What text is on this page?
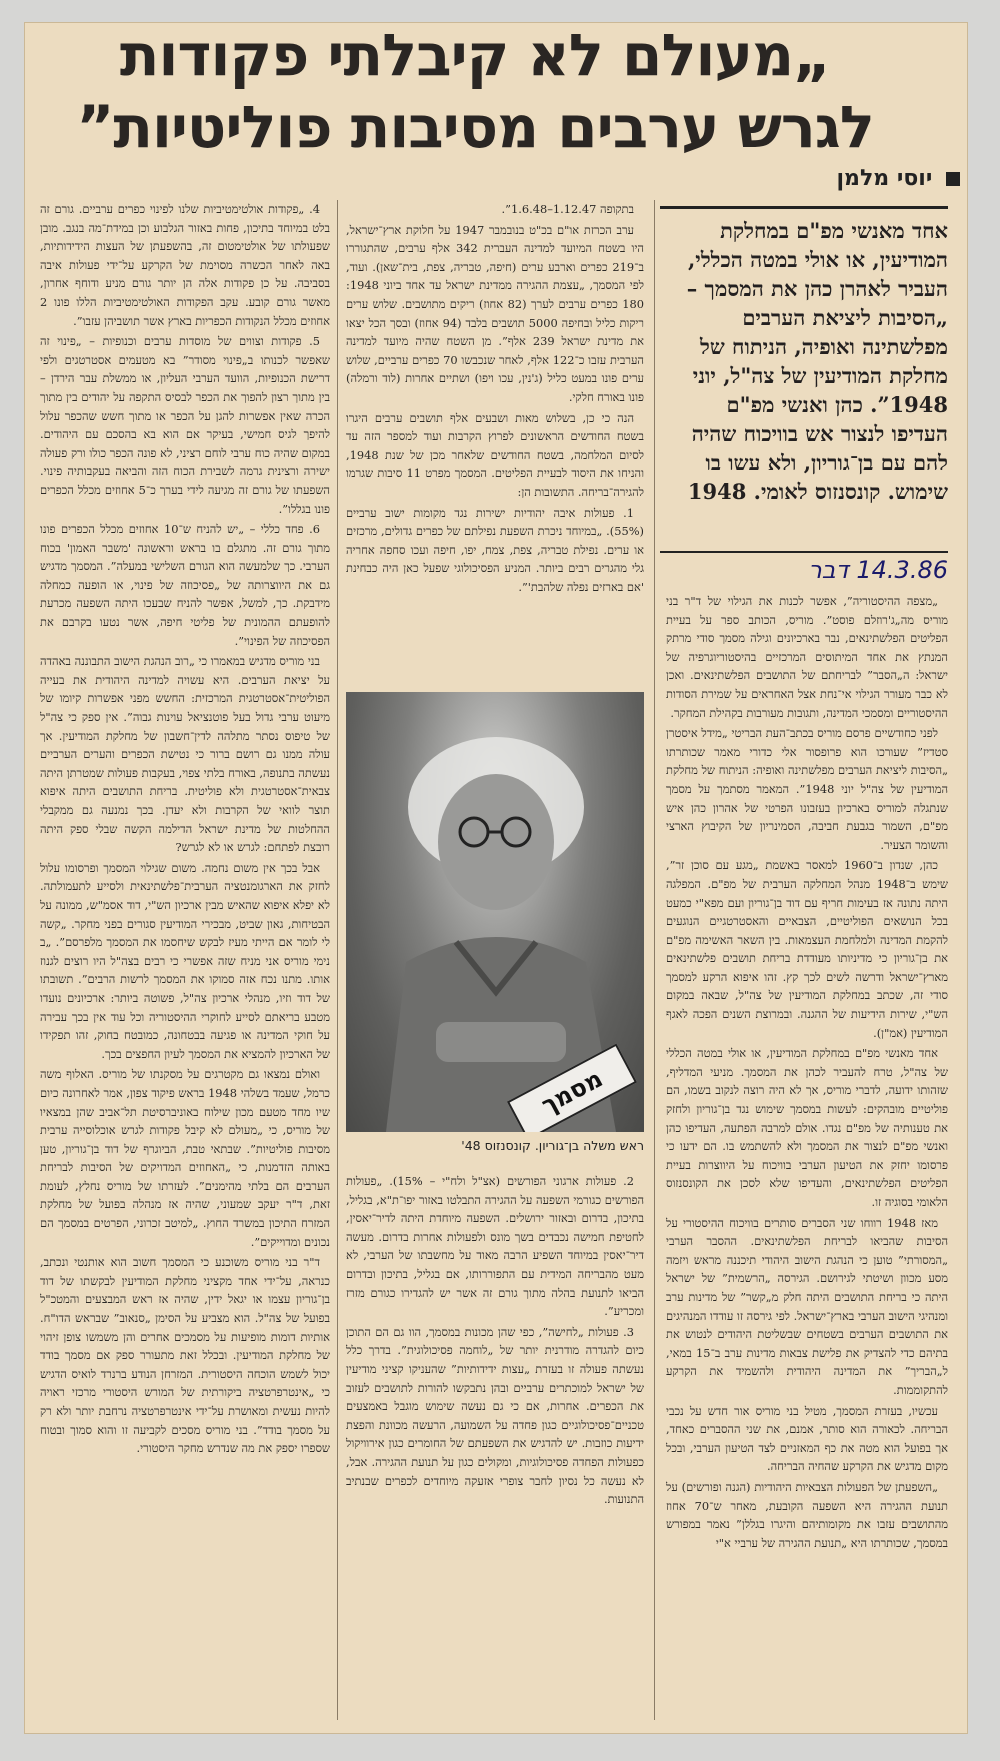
„מעולם לא קיבלתי פקודות
לגרש ערבים מסיבות פוליטיות”
יוסי מלמן
אחד מאנשי מפ"ם במחלקת המודיעין, או אולי במטה הכללי, העביר לאהרן כהן את המסמך – „הסיבות ליציאת הערבים מפלשתינה ואופיה, הניתוח של מחלקת המודיעין של צה"ל, יוני 1948”. כהן ואנשי מפ"ם העדיפו לנצור אש בוויכוח שהיה להם עם בן־גוריון, ולא עשו בו שימוש. קונסנזוס לאומי. 1948
14.3.86 דבר

„מצפה ההיסטוריה”, אפשר לכנות את הגילוי של ד"ר בני מוריס מה„ג'רוזלם פוסט”. מוריס, הכותב ספר על בעיית הפליטים הפלשתינאים, נבר בארכיונים וגילה מסמך סודי מרתק המנתץ את אחד המיתוסים המרכזיים בהיסטוריוגרפיה של ישראל: ה„הסבר” לבריחתם של התושבים הפלשתינאים. ואכן לא כבר מעורר הגילוי אי־נחת אצל האחראים על שמירת הסודות ההיסטוריים ומסמכי המדינה, ותגובות מעורבות בקהילת המחקר.

לפני כחודשיים פרסם מוריס בכתב־העת הבריטי „מידל איסטרן סטדיז” שעורכו הוא פרופסור אלי כדורי מאמר שכותרתו „הסיבות ליציאת הערבים מפלשתינה ואופיה: הניתוח של מחלקת המודיעין של צה"ל יוני 1948”. המאמר מסתמך על מסמך שנתגלה למוריס בארכיון בעזבונו הפרטי של אהרון כהן איש מפ"ם, השמור בגבעת חביבה, הסמינריון של הקיבוץ הארצי והשומר הצעיר.

כהן, שנדון ב־1960 למאסר באשמת „מגע עם סוכן זר”, שימש ב־1948 מנהל המחלקה הערבית של מפ"ם. המפלגה היתה נתונה אז בעימות חריף עם דוד בן־גוריון ועם מפא"י כמעט בכל הנושאים הפוליטיים, הצבאיים והאסטרטגיים הנוגעים להקמת המדינה ולמלחמת העצמאות. בין השאר האשימה מפ"ם את בן־גוריון כי מדיניותו מעודדת בריחת תושבים פלשתינאים מארץ־ישראל ודרשה לשים לכך קץ. זהו איפוא הרקע למסמך סודי זה, שכתב במחלקת המודיעין של צה"ל, שבאה במקום הש"י, שירות הידיעות של ההגנה. ובמרוצת השנים הפכה לאגף המודיעין (אמ"ן).

אחד מאנשי מפ"ם במחלקת המודיעין, או אולי במטה הכללי של צה"ל, טרח להעביר לכהן את המסמך. מניעי המדליף, שזהותו ידועה, לדברי מוריס, אך לא היה רוצה לנקוב בשמו, הם פוליטיים מובהקים: לעשות במסמך שימוש נגד בן־גוריון ולחזק את טענותיה של מפ"ם נגדו. אולם למרבה הפתעה, העדיפו כהן ואנשי מפ"ם לנצור את המסמך ולא להשתמש בו. הם ידעו כי פרסומו יחזק את הטיעון הערבי בוויכוח על היווצרות בעיית הפליטים הפלשתינאים, והעדיפו שלא לסכן את הקונסנזוס הלאומי בסוגיה זו.

מאז 1948 רווחו שני הסברים סותרים בוויכוח ההיסטורי על הסיבות שהביאו לבריחת הפלשתינאים. ההסבר הערבי „המסורתי” טוען כי הנהגת הישוב היהודי תיכננה מראש ויזמה מסע מכוון ושיטתי לגירושם. הגירסה „הרשמית” של ישראל היתה כי בריחת התושבים היתה חלק מ„קשר” של מדינות ערב ומנהיגי הישוב הערבי בארץ־ישראל. לפי גירסה זו עודדו המנהיגים את התושבים הערבים בשטחים שבשליטת היהודים לנטוש את בתיהם כדי להצדיק את פלישת צבאות מדינות ערב ב־15 במאי, ל„הבריך” את המדינה היהודית ולהשמיד את הקרקע להתקוממות.

עכשיו, בעזרת המסמך, מטיל בני מוריס אור חדש על נכבי הבריחה. לכאורה הוא סותר, אמנם, את שני ההסברים כאחד, אך בפועל הוא מטה את כף המאזניים לצד הטיעון הערבי, ובכל מקום מדגיש את הקרקע שהחיה הבריחה.

„השפעתן של הפעולות הצבאיות היהודיות (הגנה ופורשים) על תנועת ההגירה היא השפעה הקובעת, מאחר ש־70 אחוז מהתושבים עזבו את מקומותיהם והיגרו בגללן” נאמר במפורש במסמך, שכותרתו היא „תנועת ההגירה של ערביי א"י

בתקופה 1.12.47–1.6.48”.

ערב הכרזת או"ם בכ"ט בנובמבר 1947 על חלוקת ארץ־ישראל, היו בשטח המיועד למדינה העברית 342 אלף ערבים, שהתגוררו ב־219 כפרים וארבע ערים (חיפה, טבריה, צפת, בית־שאן). ועוד, לפי המסמך, „עצמת ההגירה ממדינת ישראל עד אחד ביוני 1948: 180 כפרים ערבים לערך (82 אחוז) ריקים מתושבים. שלוש ערים ריקות כליל ובחיפה 5000 תושבים בלבד (94 אחוז) ובסך הכל יצאו את מדינת ישראל 239 אלף”. מן השטח שהיה מיועד למדינה הערבית עזבו כ־122 אלף, לאחר שנכבשו 70 כפרים ערביים, שלוש ערים פונו במעט כליל (ג'נין, עכו ויפו) ושתיים אחרות (לוד ורמלה) פונו באורח חלקי.

הנה כי כן, בשלוש מאות ושבעים אלף תושבים ערבים היגרו בשטח החודשים הראשונים לפרוץ הקרבות ועוד למספר הזה עד לסיום המלחמה, בשטח החודשים שלאחר מכן של שנת 1948, והניחו את היסוד לבעיית הפליטים. המסמך מפרט 11 סיבות שגרמו להגירה־בריחה. התשובות הן:

1. פעולות איבה יהודיות ישירות נגד מקומות ישוב ערביים (55%). „במיוחד ניכרת השפעת נפילתם של כפרים גדולים, מרכזים או ערים. נפילת טבריה, צפת, צמח, יפו, חיפה ועכו סחפה אחריה גלי מהגרים רבים ביותר. המניע הפסיכולוגי שפעל כאן היה כבחינת 'אם בארזים נפלה שלהבת'”.

מסמך
ראש משלה בן־גוריון. קונסנזוס 48'

2. פעולות ארגוני הפורשים (אצ"ל ולח"י – 15%). „פעולות הפורשים כגורמי השפעה על ההגירה התבלטו באזור יפו־ת"א, בגליל, בתיכון, בדרום ובאזור ירושלים. השפעה מיוחדת היתה לדיר־יאסין, לחטיפת חמישה נכבדים בשך מונס ולפעולות אחרות בדרום. מעשה דיר־יאסין במיוחד השפיע הרבה מאוד על מחשבתו של הערבי, לא מעט מהבריחה המידית עם התפוררותו, אם בגליל, בתיכון ובדרום הביאו לתנועת בהלה מתוך גורם זה אשר יש להגדירו כגורם מזרז ומכריע”.

3. פעולות „לחישה”, כפי שהן מכונות במסמך, הוו גם הם התוכן כיום להגדרה מודרנית יותר של „לוחמה פסיכולוגית”. בדרך כלל נעשתה פעולה זו בעזרת „עצות ידידותיות” שהעניקו קציני מודיעין של ישראל למוכתרים ערביים ובהן נתבקשו להורות לתושבים לעזוב את הכפרים. אחרות, אם כי גם נעשה שימוש מוגבל באמצעים טכניים־פסיכולוגיים כגון פחדה על השמועה, הרעשה מכוונת והפצת ידיעות כוזבות. יש להדגיש את השפעתם של החומרים כגון אירוויקול כפעולות הפחדה פסיכולוגיות, ומקולים כגון על תנועת ההגירה. אבל, לא נעשה כל נסיון לחבר צופרי אזעקה מיוחדים לכפרים שבנתיב התנועות.

4. „פקודות אולטימטיביות שלנו לפינוי כפרים ערביים. גורם זה בלט במיוחד בתיכון, פחות באזור הגלבוע וכן במידת־מה בנגב. מובן שפעולתו של אולטימטום זה, בהשפעתן של העצות הידידותיות, באה לאחר הכשרה מסוימת של הקרקע על־ידי פעולות איבה בסביבה. על כן פקודות אלה הן יותר גורם מניע ודוחף אחרון, מאשר גורם קובע. עקב הפקודות האולטימטיביות הללו פונו 2 אחוזים מכלל הנקודות הכפריות בארץ אשר תושביהן עזבו”.

5. פקודות וצווים של מוסדות ערבים וכנופיות – „פינוי זה שאפשר לכנותו ב„פינוי מסודר” בא מטעמים אסטרטגים ולפי דרישת הכנופיות, הוועד הערבי העליון, או ממשלת עבר הירדן – בין מתוך רצון להפוך את הכפר לבסיס התקפה על יהודים בין מתוך הכרה שאין אפשרות להגן על הכפר או מתוך חשש שהכפר עלול להיפך לגיס חמישי, בעיקר אם הוא בא בהסכם עם היהודים. במקום שהיה כוח ערבי לוחם רציני, לא פונה הכפר כולו ורק פעולה ישירה ורצינית גרמה לשבירת הכוח הזה והביאה בעקבותיה פינוי. השפעתו של גורם זה מגיעה לידי בערך כ־5 אחוזים מכלל הכפרים פונו בגללו”.

6. פחד כללי – „יש להניח ש־10 אחוזים מכלל הכפרים פונו מתוך גורם זה. מתגלם בו בראש וראשונה 'משבר האמון' בכוח הערבי. כך שלמעשה הוא הגורם השלישי במעלה”. המסמך מדגיש גם את היווצרותה של „פסיכוזה של פינוי, או הופעה כמחלה מידבקת. כך, למשל, אפשר להניח שבעכו היתה השפעה מכרעת להופעתם ההמונית של פליטי חיפה, אשר נטעו בקרבם את הפסיכוזה של הפינוי”.

בני מוריס מדגיש במאמרו כי „רוב הנהגת הישוב התבוננה באהדה על יציאת הערבים. היא עשויה למדינה היהודית את בעייה הפוליטית־אסטרטגית המרכזית: החשש מפני אפשרות קיומו של מיעוט ערבי גדול בעל פוטנציאל עוינות גבוה”. אין ספק כי צה"ל של טיפוס נסתר מתלהה לדין־חשבון של מחלקת המודיעין. אך עולה ממנו גם רושם ברור כי נטישת הכפרים והערים הערביים נעשתה בתנופה, באורח בלתי צפוי, בעקבות פעולות שמטרתן היתה צבאית־אסטרטגית ולא פוליטית. בריחת התושבים היתה איפוא תוצר לוואי של הקרבות ולא יעדן. בכך נמנעה גם ממקבלי ההחלטות של מדינת ישראל הדילמה הקשה שבלי ספק היתה רובצת לפתחם: לגרש או לא לגרש?

אבל בכך אין משום נחמה. משום שגילוי המסמך ופרסומו עלול לחזק את הארגומנטציה הערבית־פלשתינאית ולסייע לתעמולתה. לא יפלא איפוא שהאיש מבין ארכיון הש"י, דוד אסמ"ש, ממונה על הבטיחות, גאון שביט, מבכירי המודיעין סגורים בפני מחקר. „קשה לי לומר אם הייתי מעיז לבקש שיחסמו את המסמך מלפרסם”. „ב נימי מוריס אני מניח שזה אפשרי כי רבים בצה"ל היו רוצים לגנוז אותו. מתנו נכח אזה סמוקו את המסמך לרשות הרבים”. תשובתו של דוד וזיו, מנהלי ארכיון צה"ל, פשוטה ביותר: ארכיונים נועדו מטבע בריאתם לסייע לחוקרי ההיסטוריה וכל עוד אין בכך עבירה על חוקי המדינה או פגיעה בבטחונה, כמובטח בחוק, זהו תפקידו של הארכיון להמציא את המסמך לעיון החפצים בכך.

ואולם נמצאו גם מקטרגים על מסקנתו של מוריס. האלוף משה כרמל, שעמד בשלהי 1948 בראש פיקוד צפון, אמר לאחרונה כיום שיו מחד מטעם מכון שילוח באוניברסיטת תל־אביב שהן במצאיו של מוריס, כי „מעולם לא קיבל פקודות לגרש אוכלוסייה ערבית מסיבות פוליטיות”. שבתאי טבת, הביוגרף של דוד בן־גוריון, טען באותה הזדמנות, כי „האחוזים המדויקים של הסיבות לבריחת הערבים הם בלתי מהימנים”. לעזרתו של מוריס נחלץ, לעומת זאת, ד"ר יעקב שמעוני, שהיה אז מנהלה בפועל של מחלקת המזרח התיכון במשרד החוץ. „למיטב זכרוני, הפרטים במסמך הם נכונים ומדוייקים”.

ד"ר בני מוריס משוכנע כי המסמך חשוב הוא אותנטי ונכתב, כנראה, על־ידי אחד מקציני מחלקת המודיעין לבקשתו של דוד בן־גוריון עצמו או יגאל ידין, שהיה אז ראש המבצעים והמטכ"ל בפועל של צה"ל. הוא מצביע על הסימן „סנאוב” שבראש הדו"ח. אותיות דומות מופיעות על מסמכים אחרים והן משמשו צופן זיהוי של מחלקת המודיעין. ובכלל זאת מתעורר ספק אם מסמך בודד יכול לשמש הוכחה היסטורית. המזרחן הנודע ברנרד לואיס הדגיש כי „אינטרפרטציה ביקורתית של המורש היסטורי מרכזי ראויה להיות נעשית ומאושרת על־ידי אינטרפרטציה נרחבת יותר ולא רק על מסמך בודד”. בני מוריס מסכים לקביעה זו והוא סמוך ובטוח שספרו יספק את מה שנדרש מחקר היסטורי.
